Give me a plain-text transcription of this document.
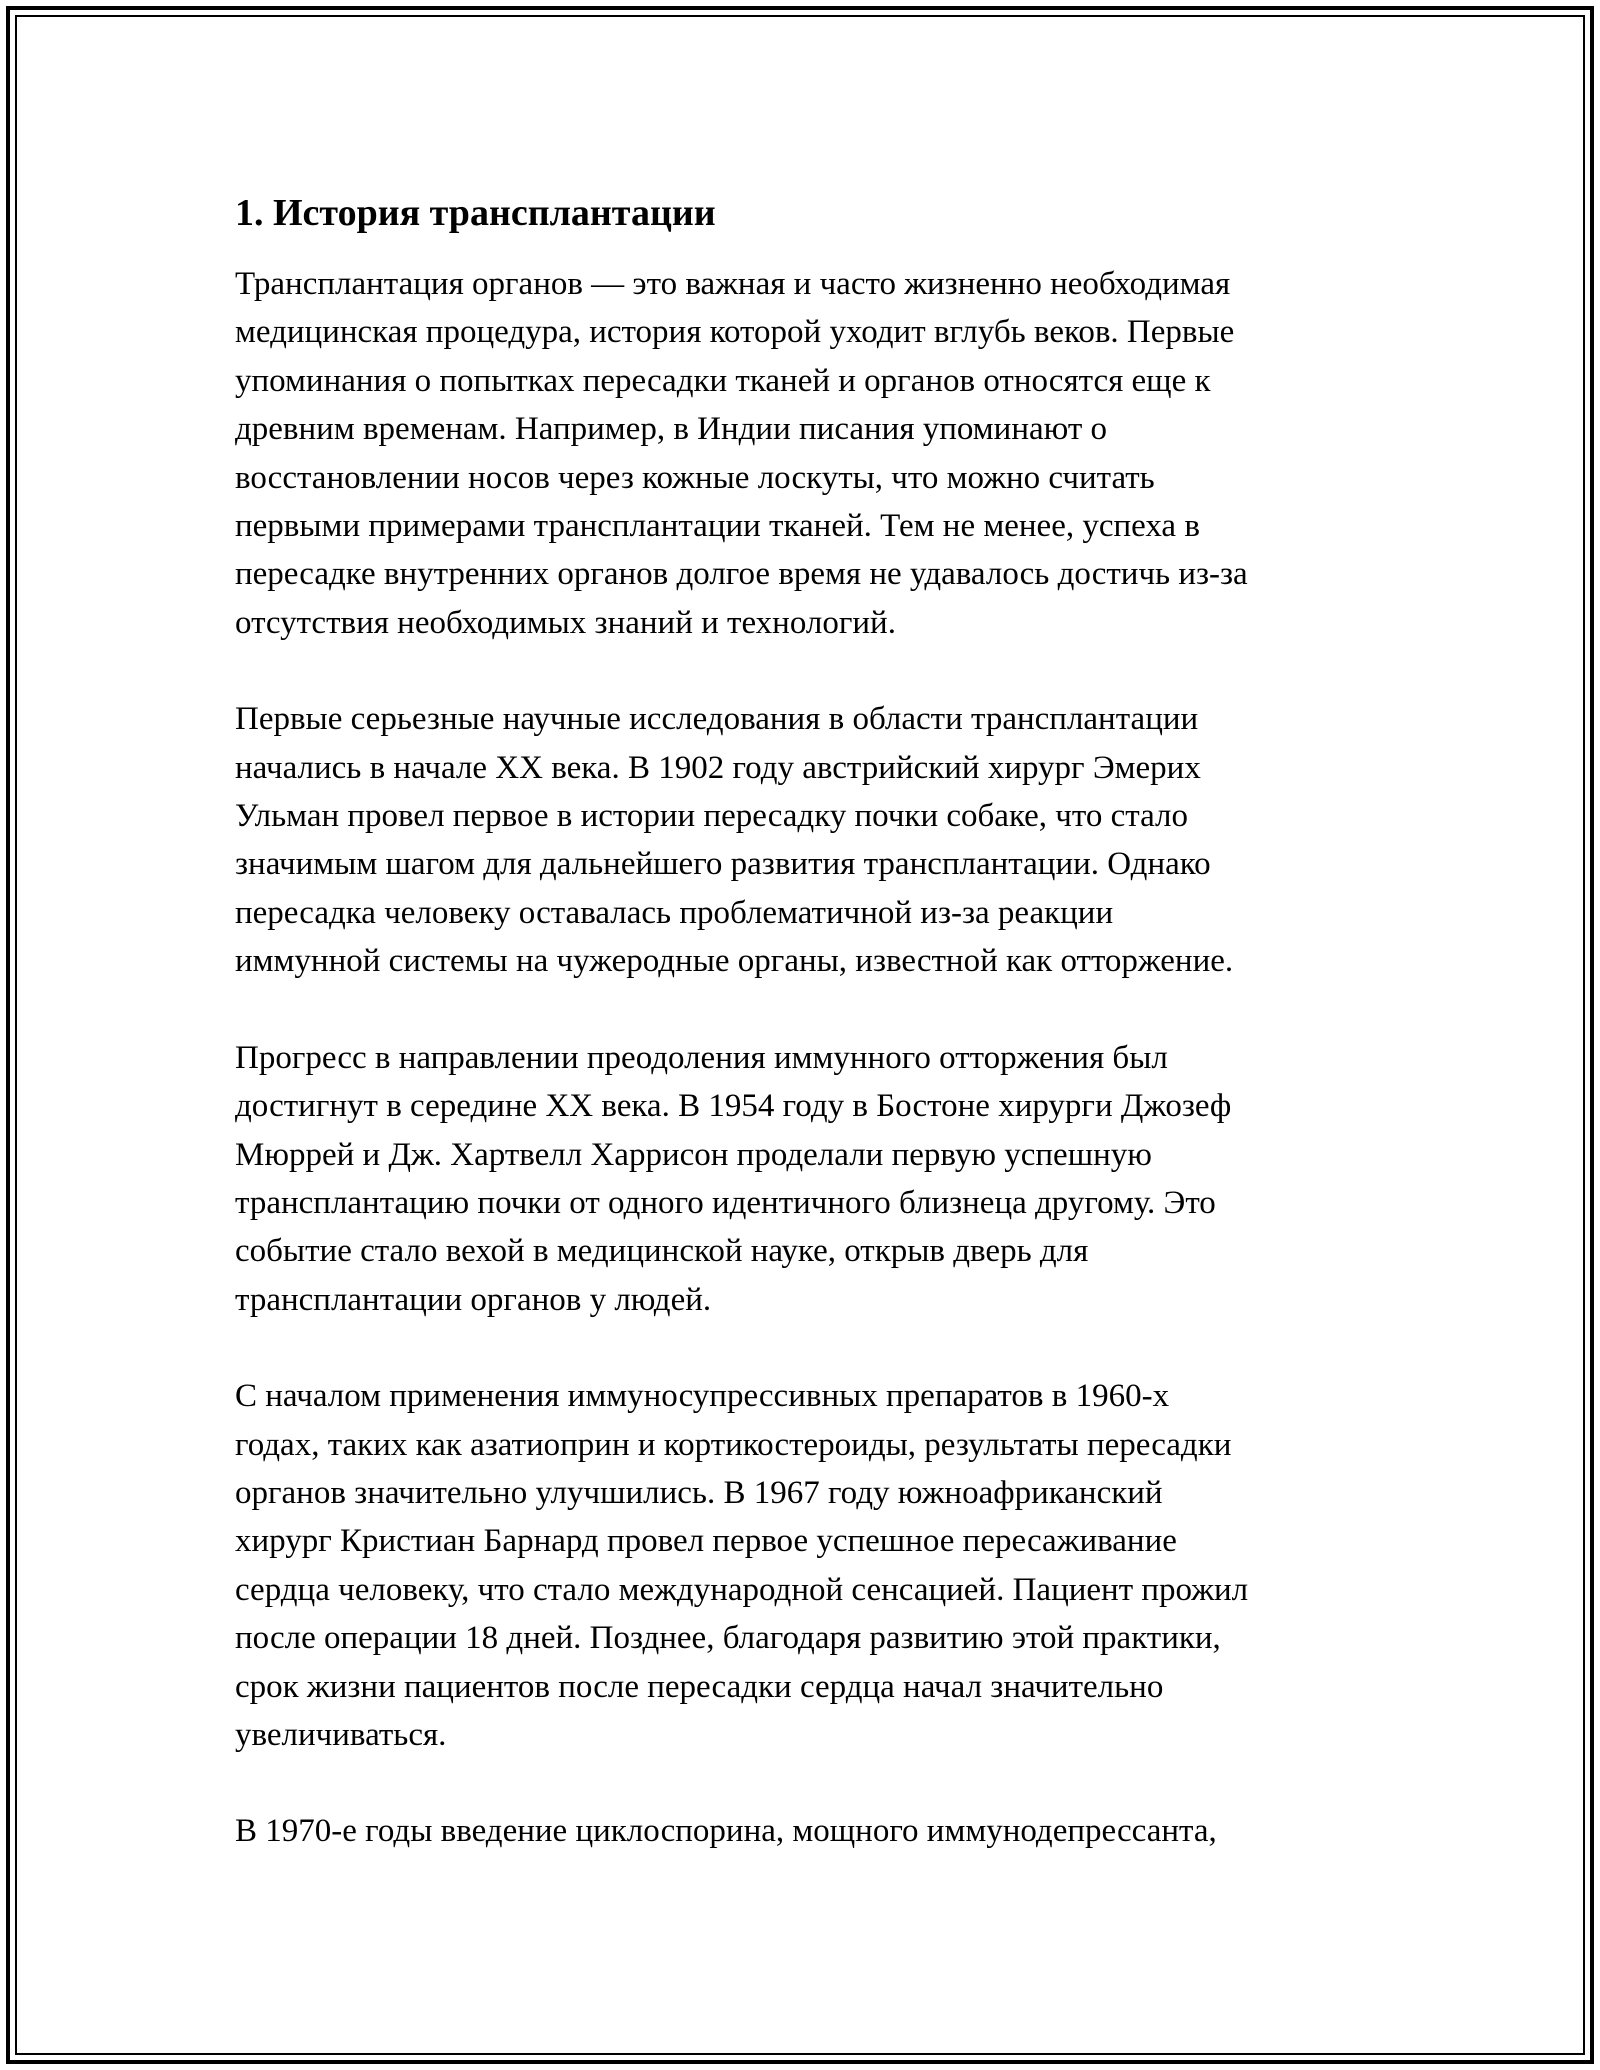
1. История трансплантации

Трансплантация органов — это важная и часто жизненно необходимая
медицинская процедура, история которой уходит вглубь веков. Первые
упоминания о попытках пересадки тканей и органов относятся еще к
древним временам. Например, в Индии писания упоминают о
восстановлении носов через кожные лоскуты, что можно считать
первыми примерами трансплантации тканей. Тем не менее, успеха в
пересадке внутренних органов долгое время не удавалось достичь из-за
отсутствия необходимых знаний и технологий.

Первые серьезные научные исследования в области трансплантации
начались в начале XX века. В 1902 году австрийский хирург Эмерих
Ульман провел первое в истории пересадку почки собаке, что стало
значимым шагом для дальнейшего развития трансплантации. Однако
пересадка человеку оставалась проблематичной из-за реакции
иммунной системы на чужеродные органы, известной как отторжение.

Прогресс в направлении преодоления иммунного отторжения был
достигнут в середине XX века. В 1954 году в Бостоне хирурги Джозеф
Мюррей и Дж. Хартвелл Харрисон проделали первую успешную
трансплантацию почки от одного идентичного близнеца другому. Это
событие стало вехой в медицинской науке, открыв дверь для
трансплантации органов у людей.

С началом применения иммуносупрессивных препаратов в 1960-х
годах, таких как азатиоприн и кортикостероиды, результаты пересадки
органов значительно улучшились. В 1967 году южноафриканский
хирург Кристиан Барнард провел первое успешное пересаживание
сердца человеку, что стало международной сенсацией. Пациент прожил
после операции 18 дней. Позднее, благодаря развитию этой практики,
срок жизни пациентов после пересадки сердца начал значительно
увеличиваться.

В 1970-е годы введение циклоспорина, мощного иммунодепрессанта,
